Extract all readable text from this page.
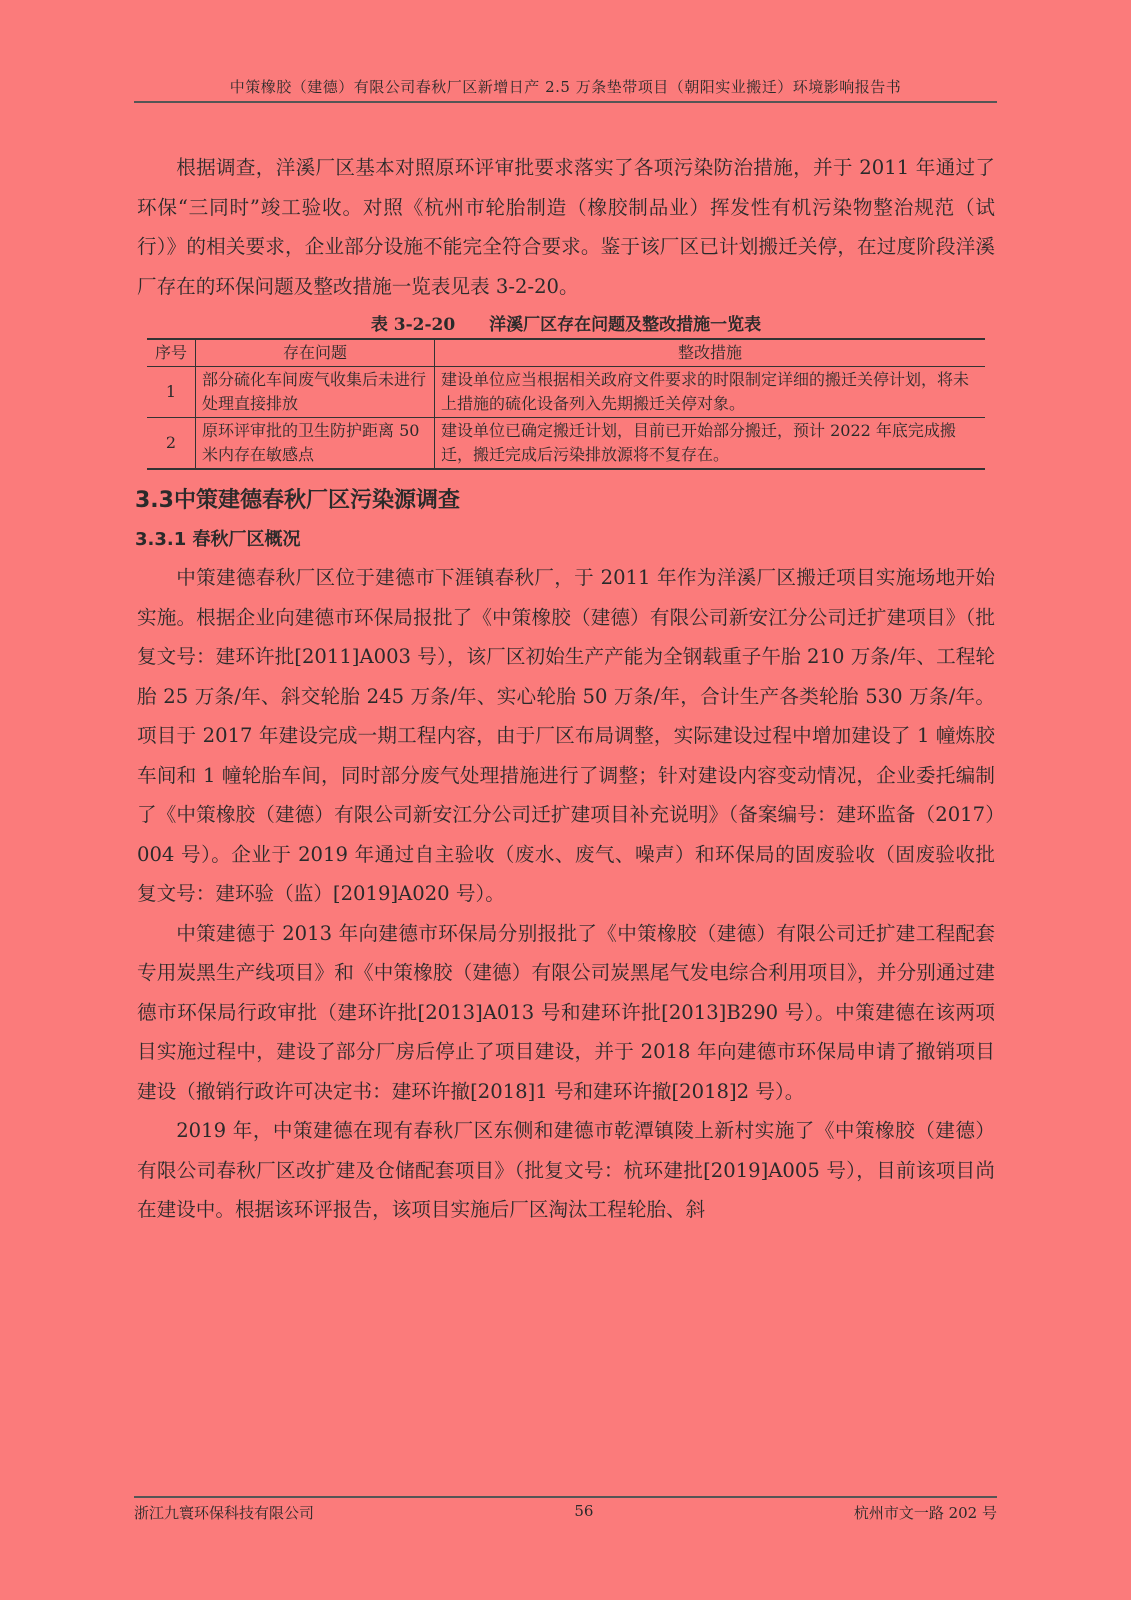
中策橡胶（建德）有限公司春秋厂区新增日产 2.5 万条垫带项目（朝阳实业搬迁）环境影响报告书

根据调查，洋溪厂区基本对照原环评审批要求落实了各项污染防治措施，并于 2011 年通过了环保“三同时”竣工验收。对照《杭州市轮胎制造（橡胶制品业）挥发性有机污染物整治规范（试行）》的相关要求，企业部分设施不能完全符合要求。鉴于该厂区已计划搬迁关停，在过度阶段洋溪厂存在的环保问题及整改措施一览表见表 3-2-20。

表 3-2-20　　洋溪厂区存在问题及整改措施一览表
序号	存在问题	整改措施
1	部分硫化车间废气收集后未进行处理直接排放	建设单位应当根据相关政府文件要求的时限制定详细的搬迁关停计划，将未上措施的硫化设备列入先期搬迁关停对象。
2	原环评审批的卫生防护距离 50 米内存在敏感点	建设单位已确定搬迁计划，目前已开始部分搬迁，预计 2022 年底完成搬迁，搬迁完成后污染排放源将不复存在。
3.3中策建德春秋厂区污染源调查
3.3.1 春秋厂区概况

中策建德春秋厂区位于建德市下涯镇春秋厂，于 2011 年作为洋溪厂区搬迁项目实施场地开始实施。根据企业向建德市环保局报批了《中策橡胶（建德）有限公司新安江分公司迁扩建项目》（批复文号：建环许批[2011]A003 号），该厂区初始生产产能为全钢载重子午胎 210 万条/年、工程轮胎 25 万条/年、斜交轮胎 245 万条/年、实心轮胎 50 万条/年，合计生产各类轮胎 530 万条/年。项目于 2017 年建设完成一期工程内容，由于厂区布局调整，实际建设过程中增加建设了 1 幢炼胶车间和 1 幢轮胎车间，同时部分废气处理措施进行了调整；针对建设内容变动情况，企业委托编制了《中策橡胶（建德）有限公司新安江分公司迁扩建项目补充说明》（备案编号：建环监备（2017）004 号）。企业于 2019 年通过自主验收（废水、废气、噪声）和环保局的固废验收（固废验收批复文号：建环验（监）[2019]A020 号）。

中策建德于 2013 年向建德市环保局分别报批了《中策橡胶（建德）有限公司迁扩建工程配套专用炭黑生产线项目》和《中策橡胶（建德）有限公司炭黑尾气发电综合利用项目》，并分别通过建德市环保局行政审批（建环许批[2013]A013 号和建环许批[2013]B290 号）。中策建德在该两项目实施过程中，建设了部分厂房后停止了项目建设，并于 2018 年向建德市环保局申请了撤销项目建设（撤销行政许可决定书：建环许撤[2018]1 号和建环许撤[2018]2 号）。

2019 年，中策建德在现有春秋厂区东侧和建德市乾潭镇陵上新村实施了《中策橡胶（建德）有限公司春秋厂区改扩建及仓储配套项目》（批复文号：杭环建批[2019]A005 号），目前该项目尚在建设中。根据该环评报告，该项目实施后厂区淘汰工程轮胎、斜

浙江九寰环保科技有限公司	56	杭州市文一路 202 号
